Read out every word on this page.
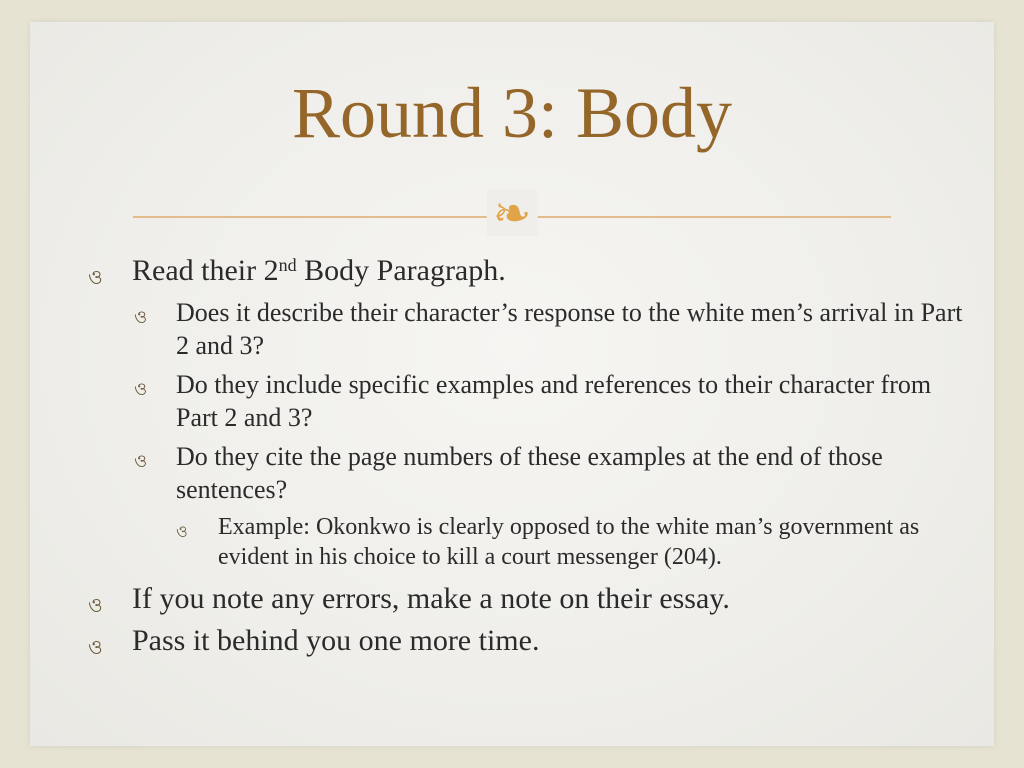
Round 3: Body
❧
ও Read their 2nd Body Paragraph.
ও Does it describe their character’s response to the white men’s arrival in Part 2 and 3?
ও Do they include specific examples and references to their character from Part 2 and 3?
ও Do they cite the page numbers of these examples at the end of those sentences?
ও Example: Okonkwo is clearly opposed to the white man’s government as evident in his choice to kill a court messenger (204).
ও If you note any errors, make a note on their essay.
ও Pass it behind you one more time.
